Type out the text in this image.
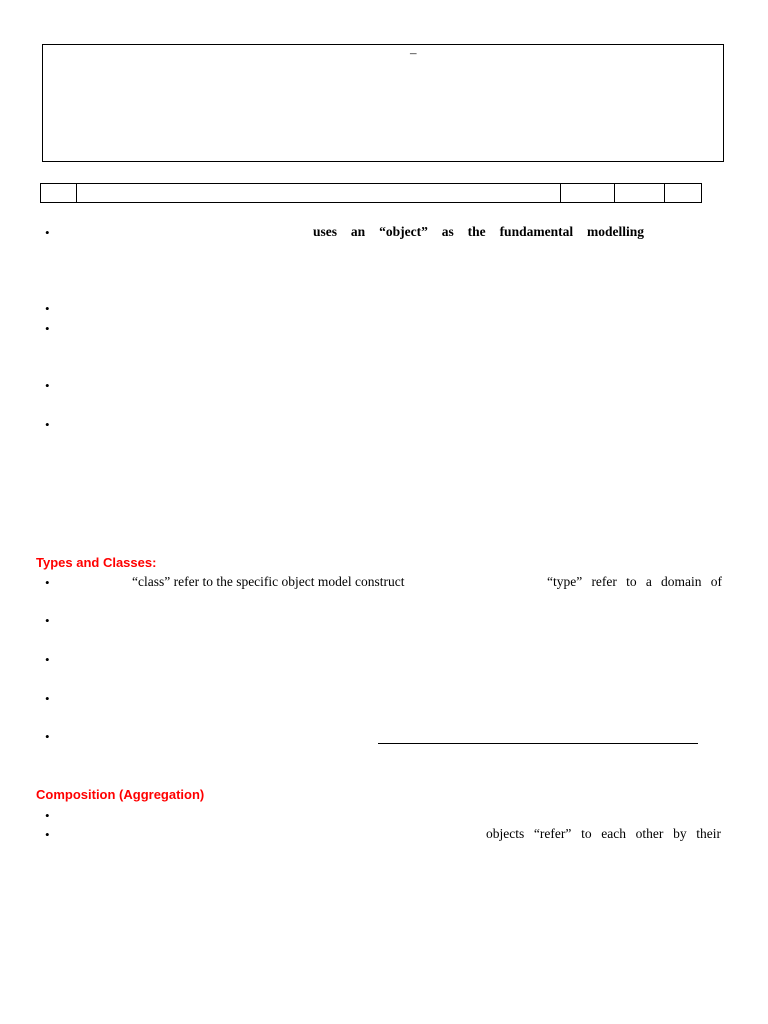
–

•	uses an “object” as the fundamental modelling
•
•
•
•
Types and Classes:
•	“class” refer to the specific object model construct	“type” refer to a domain of
•
•
•
•
Composition (Aggregation)
•
•	objects “refer” to each other by their
